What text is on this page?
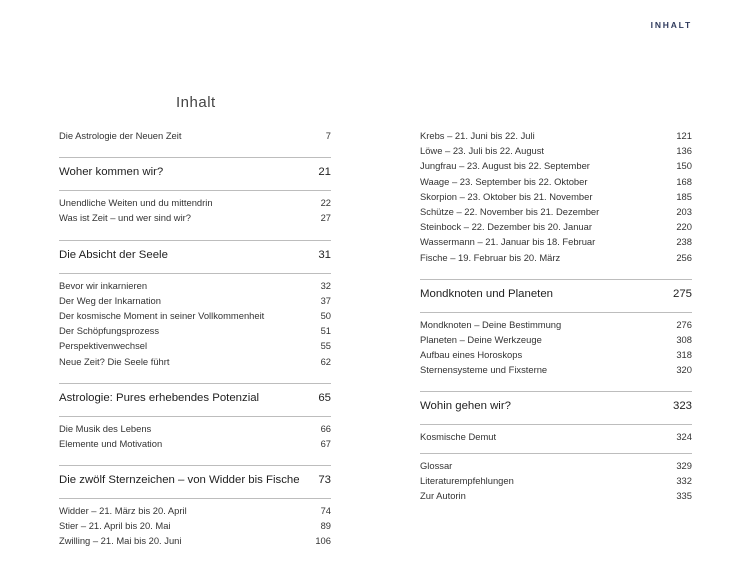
INHALT
Inhalt
Die Astrologie der Neuen Zeit	7
Woher kommen wir?	21
Unendliche Weiten und du mittendrin	22
Was ist Zeit – und wer sind wir?	27
Die Absicht der Seele	31
Bevor wir inkarnieren	32
Der Weg der Inkarnation	37
Der kosmische Moment in seiner Vollkommenheit	50
Der Schöpfungsprozess	51
Perspektivenwechsel	55
Neue Zeit? Die Seele führt	62
Astrologie: Pures erhebendes Potenzial	65
Die Musik des Lebens	66
Elemente und Motivation	67
Die zwölf Sternzeichen – von Widder bis Fische 73
Widder – 21. März bis 20. April	74
Stier – 21. April bis 20. Mai	89
Zwilling – 21. Mai bis 20. Juni	106
Krebs – 21. Juni bis 22. Juli	121
Löwe – 23. Juli bis 22. August	136
Jungfrau – 23. August bis 22. September	150
Waage – 23. September bis 22. Oktober	168
Skorpion – 23. Oktober bis 21. November	185
Schütze – 22. November bis 21. Dezember	203
Steinbock – 22. Dezember bis 20. Januar	220
Wassermann – 21. Januar bis 18. Februar	238
Fische – 19. Februar bis 20. März	256
Mondknoten und Planeten	275
Mondknoten – Deine Bestimmung	276
Planeten – Deine Werkzeuge	308
Aufbau eines Horoskops	318
Sternensysteme und Fixsterne	320
Wohin gehen wir?	323
Kosmische Demut	324
Glossar	329
Literaturempfehlungen	332
Zur Autorin	335
